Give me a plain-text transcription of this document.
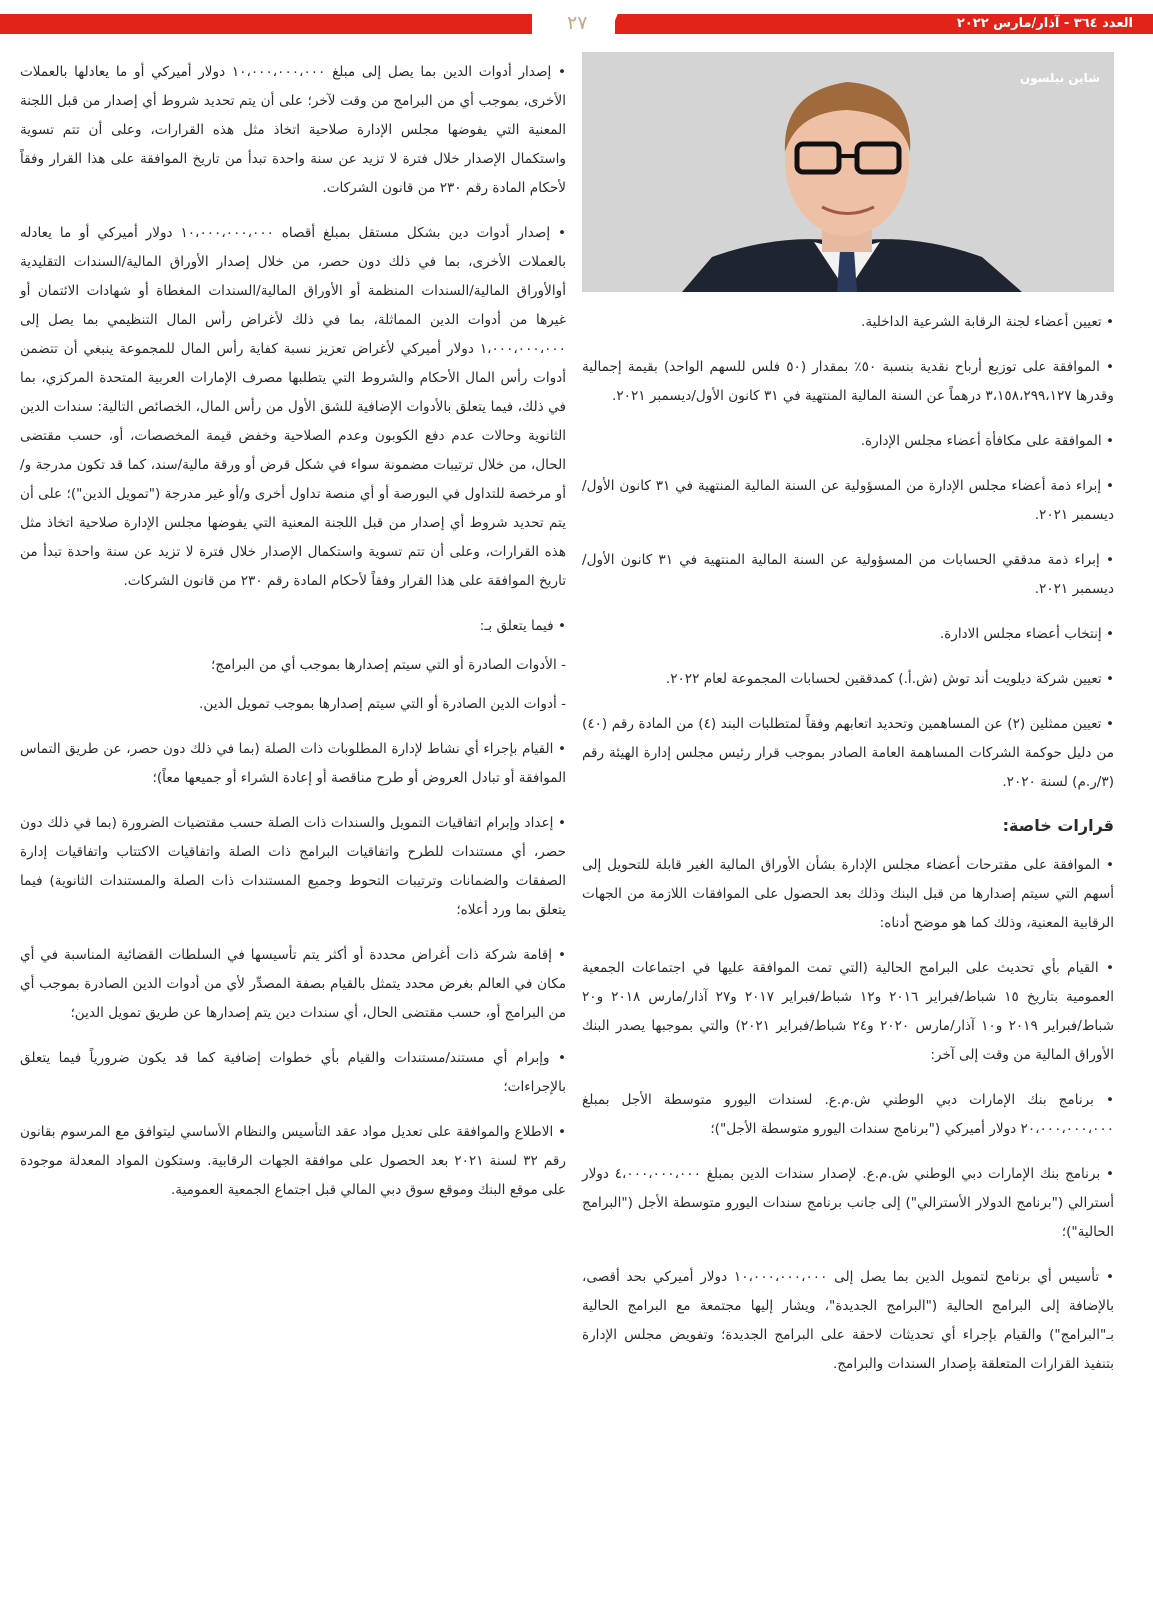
العدد ٣٦٤ - آذار/مارس ٢٠٢٢
٢٧
شاين نيلسون

• تعيين أعضاء لجنة الرقابة الشرعية الداخلية.

• الموافقة على توزيع أرباح نقدية بنسبة ٥٠٪ بمقدار (٥٠ فلس للسهم الواحد) بقيمة إجمالية وقدرها ٣،١٥٨،٢٩٩،١٢٧ درهماً عن السنة المالية المنتهية في ٣١ كانون الأول/ديسمبر ٢٠٢١.

• الموافقة على مكافأة أعضاء مجلس الإدارة.

• إبراء ذمة أعضاء مجلس الإدارة من المسؤولية عن السنة المالية المنتهية في ٣١ كانون الأول/ديسمبر ٢٠٢١.

• إبراء ذمة مدققي الحسابات من المسؤولية عن السنة المالية المنتهية في ٣١ كانون الأول/ديسمبر ٢٠٢١.

• إنتخاب أعضاء مجلس الادارة.

• تعيين شركة ديلويت أند توش (ش.أ.) كمدققين لحسابات المجموعة لعام ٢٠٢٢.

• تعيين ممثلين (٢) عن المساهمين وتحديد اتعابهم وفقاً لمتطلبات البند (٤) من المادة رقم (٤٠) من دليل حوكمة الشركات المساهمة العامة الصادر بموجب قرار رئيس مجلس إدارة الهيئة رقم (٣/ر.م) لسنة ٢٠٢٠.

قرارات خاصة:

• الموافقة على مقترحات أعضاء مجلس الإدارة بشأن الأوراق المالية الغير قابلة للتحويل إلى أسهم التي سيتم إصدارها من قبل البنك وذلك بعد الحصول على الموافقات اللازمة من الجهات الرقابية المعنية، وذلك كما هو موضح أدناه:

• القيام بأي تحديث على البرامج الحالية (التي تمت الموافقة عليها في اجتماعات الجمعية العمومية بتاريخ ١٥ شباط/فبراير ٢٠١٦ و١٢ شباط/فبراير ٢٠١٧ و٢٧ آذار/مارس ٢٠١٨ و٢٠ شباط/فبراير ٢٠١٩ و١٠ آذار/مارس ٢٠٢٠ و٢٤ شباط/فبراير ٢٠٢١) والتي بموجبها يصدر البنك الأوراق المالية من وقت إلى آخر:

• برنامج بنك الإمارات دبي الوطني ش.م.ع. لسندات اليورو متوسطة الأجل بمبلغ ٢٠،٠٠٠،٠٠٠،٠٠٠ دولار أميركي ("برنامج سندات اليورو متوسطة الأجل")؛

• برنامج بنك الإمارات دبي الوطني ش.م.ع. لإصدار سندات الدين بمبلغ ٤،٠٠٠،٠٠٠،٠٠٠ دولار أسترالي ("برنامج الدولار الأسترالي") إلى جانب برنامج سندات اليورو متوسطة الأجل ("البرامج الحالية")؛

• تأسيس أي برنامج لتمويل الدين بما يصل إلى ١٠،٠٠٠،٠٠٠،٠٠٠ دولار أميركي بحد أقصى، بالإضافة إلى البرامج الحالية ("البرامج الجديدة"، ويشار إليها مجتمعة مع البرامج الحالية بـ"البرامج") والقيام بإجراء أي تحديثات لاحقة على البرامج الجديدة؛ وتفويض مجلس الإدارة بتنفيذ القرارات المتعلقة بإصدار السندات والبرامج.

• إصدار أدوات الدين بما يصل إلى مبلغ ١٠،٠٠٠،٠٠٠،٠٠٠ دولار أميركي أو ما يعادلها بالعملات الأخرى، بموجب أي من البرامج من وقت لآخر؛ على أن يتم تحديد شروط أي إصدار من قبل اللجنة المعنية التي يفوضها مجلس الإدارة صلاحية اتخاذ مثل هذه القرارات، وعلى أن تتم تسوية واستكمال الإصدار خلال فترة لا تزيد عن سنة واحدة تبدأ من تاريخ الموافقة على هذا القرار وفقاً لأحكام المادة رقم ٢٣٠ من قانون الشركات.

• إصدار أدوات دين بشكل مستقل بمبلغ أقصاه ١٠،٠٠٠،٠٠٠،٠٠٠ دولار أميركي أو ما يعادله بالعملات الأخرى، بما في ذلك دون حصر، من خلال إصدار الأوراق المالية/السندات التقليدية أوالأوراق المالية/السندات المنظمة أو الأوراق المالية/السندات المغطاة أو شهادات الائتمان أو غيرها من أدوات الدين المماثلة، بما في ذلك لأغراض رأس المال التنظيمي بما يصل إلى ١،٠٠٠،٠٠٠،٠٠٠ دولار أميركي لأغراض تعزيز نسبة كفاية رأس المال للمجموعة ينبغي أن تتضمن أدوات رأس المال الأحكام والشروط التي يتطلبها مصرف الإمارات العربية المتحدة المركزي، بما في ذلك، فيما يتعلق بالأدوات الإضافية للشق الأول من رأس المال، الخصائص التالية: سندات الدين الثانوية وحالات عدم دفع الكوبون وعدم الصلاحية وخفض قيمة المخصصات، أو، حسب مقتضى الحال، من خلال ترتيبات مضمونة سواء في شكل قرض أو ورقة مالية/سند، كما قد تكون مدرجة و/أو مرخصة للتداول في البورصة أو أي منصة تداول أخرى و/أو غير مدرجة ("تمويل الدين")؛ على أن يتم تحديد شروط أي إصدار من قبل اللجنة المعنية التي يفوضها مجلس الإدارة صلاحية اتخاذ مثل هذه القرارات، وعلى أن تتم تسوية واستكمال الإصدار خلال فترة لا تزيد عن سنة واحدة تبدأ من تاريخ الموافقة على هذا القرار وفقاً لأحكام المادة رقم ٢٣٠ من قانون الشركات.

• فيما يتعلق بـ:

- الأدوات الصادرة أو التي سيتم إصدارها بموجب أي من البرامج؛

- أدوات الدين الصادرة أو التي سيتم إصدارها بموجب تمويل الدين.

• القيام بإجراء أي نشاط لإدارة المطلوبات ذات الصلة (بما في ذلك دون حصر، عن طريق التماس الموافقة أو تبادل العروض أو طرح مناقصة أو إعادة الشراء أو جميعها معاً)؛

• إعداد وإبرام اتفاقيات التمويل والسندات ذات الصلة حسب مقتضيات الضرورة (بما في ذلك دون حصر، أي مستندات للطرح واتفاقيات البرامج ذات الصلة واتفاقيات الاكتتاب واتفاقيات إدارة الصفقات والضمانات وترتيبات التحوط وجميع المستندات ذات الصلة والمستندات الثانوية) فيما يتعلق بما ورد أعلاه؛

• إقامة شركة ذات أغراض محددة أو أكثر يتم تأسيسها في السلطات القضائية المناسبة في أي مكان في العالم بغرض محدد يتمثل بالقيام بصفة المصدِّر لأي من أدوات الدين الصادرة بموجب أي من البرامج أو، حسب مقتضى الحال، أي سندات دين يتم إصدارها عن طريق تمويل الدين؛

• وإبرام أي مستند/مستندات والقيام بأي خطوات إضافية كما قد يكون ضرورياً فيما يتعلق بالإجراءات؛

• الاطلاع والموافقة على تعديل مواد عقد التأسيس والنظام الأساسي ليتوافق مع المرسوم بقانون رقم ٣٢ لسنة ٢٠٢١ بعد الحصول على موافقة الجهات الرقابية. وستكون المواد المعدلة موجودة على موقع البنك وموقع سوق دبي المالي قبل اجتماع الجمعية العمومية.
